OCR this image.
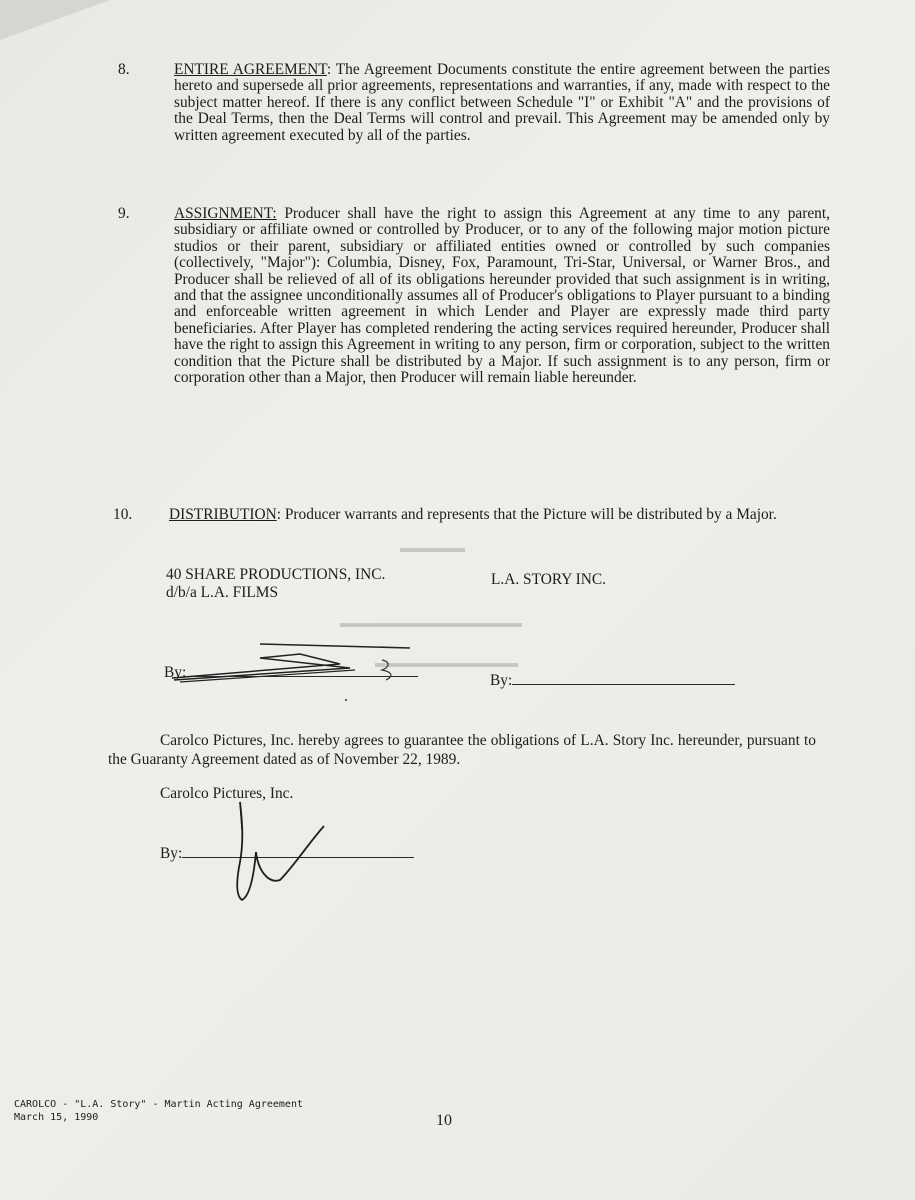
8.	ENTIRE AGREEMENT: The Agreement Documents constitute the entire agreement between the parties hereto and supersede all prior agreements, representations and warranties, if any, made with respect to the subject matter hereof. If there is any conflict between Schedule "I" or Exhibit "A" and the provisions of the Deal Terms, then the Deal Terms will control and prevail. This Agreement may be amended only by written agreement executed by all of the parties.

9.	ASSIGNMENT: Producer shall have the right to assign this Agreement at any time to any parent, subsidiary or affiliate owned or controlled by Producer, or to any of the following major motion picture studios or their parent, subsidiary or affiliated entities owned or controlled by such companies (collectively, "Major"): Columbia, Disney, Fox, Paramount, Tri-Star, Universal, or Warner Bros., and Producer shall be relieved of all of its obligations hereunder provided that such assignment is in writing, and that the assignee unconditionally assumes all of Producer's obligations to Player pursuant to a binding and enforceable written agreement in which Lender and Player are expressly made third party beneficiaries. After Player has completed rendering the acting services required hereunder, Producer shall have the right to assign this Agreement in writing to any person, firm or corporation, subject to the written condition that the Picture shall be distributed by a Major. If such assignment is to any person, firm or corporation other than a Major, then Producer will remain liable hereunder.

10. DISTRIBUTION: Producer warrants and represents that the Picture will be distributed by a Major.

▬▬▬▬▬
▬▬▬▬▬▬▬▬▬▬▬▬▬▬
▬▬▬▬▬▬▬▬▬▬▬
40 SHARE PRODUCTIONS, INC.
d/b/a L.A. FILMS
L.A. STORY INC.
By:	By:
Carolco Pictures, Inc. hereby agrees to guarantee the obligations of L.A. Story Inc. hereunder, pursuant to the Guaranty Agreement dated as of November 22, 1989.
Carolco Pictures, Inc.
By:
CAROLCO - "L.A. Story" - Martin Acting Agreement
March 15, 1990	10
